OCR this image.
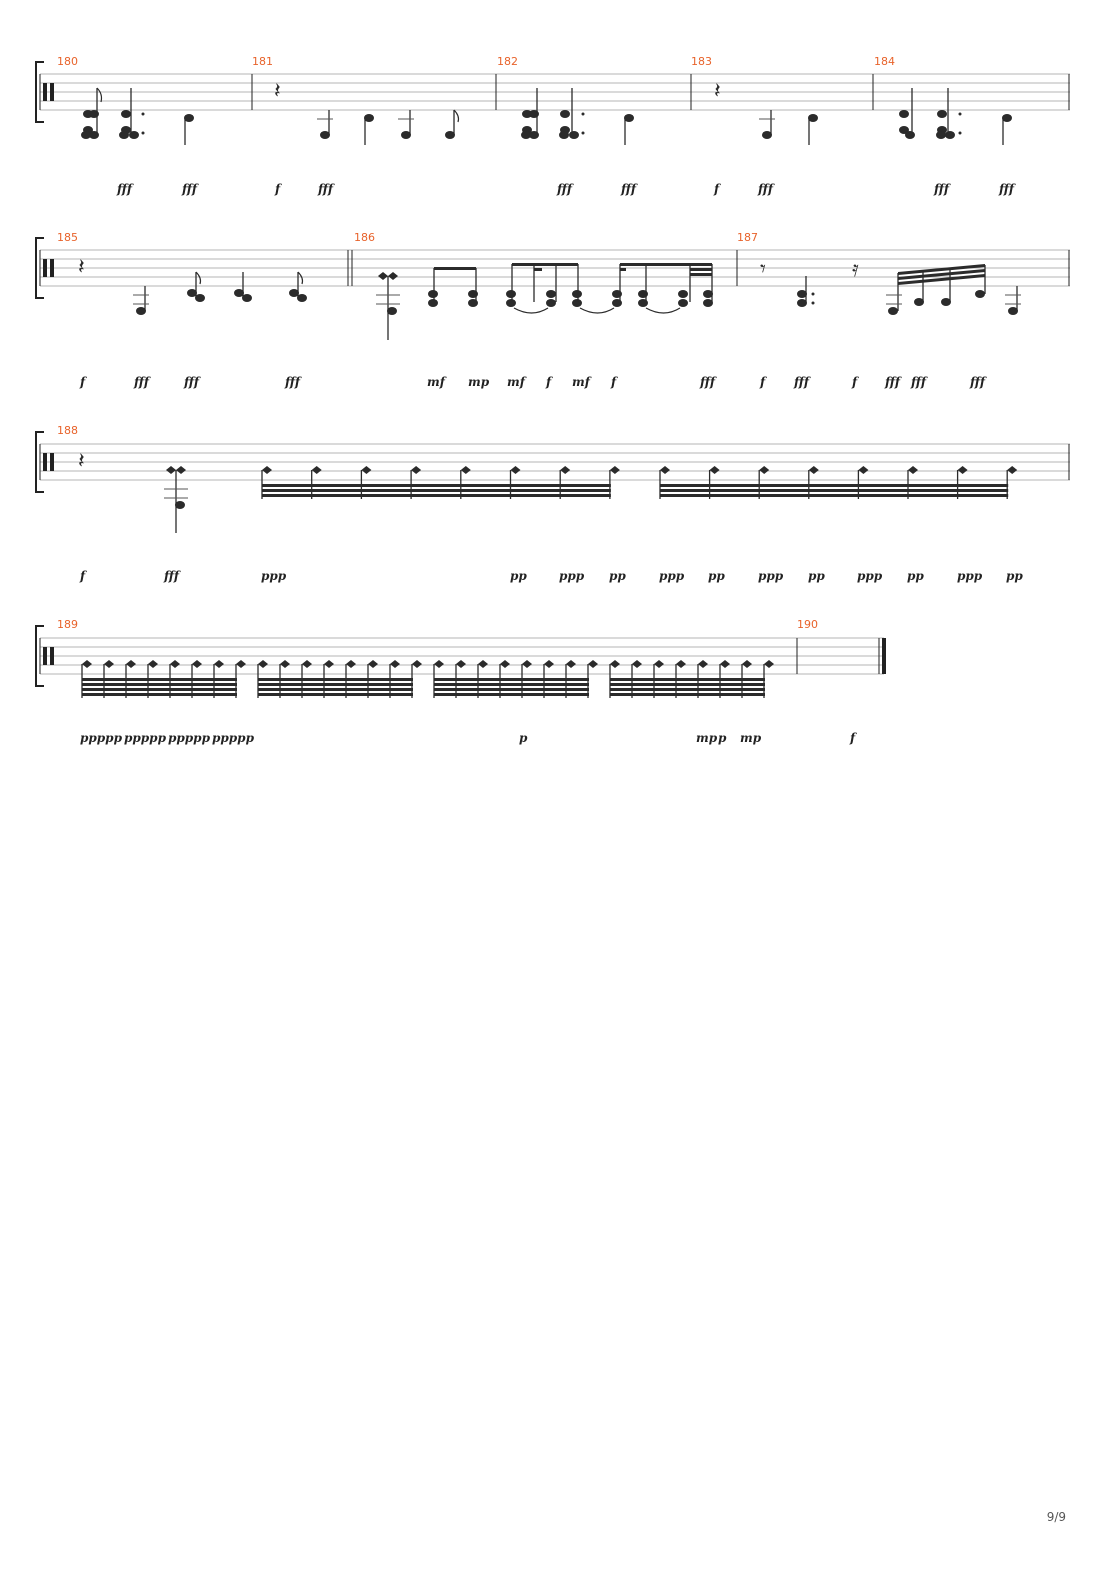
180	181	182	183	184
𝄽	𝄽
fff	fff	f	fff	fff	fff	f	fff	fff	fff
185	186	187
𝄽	𝄾	𝄿
f	fff	fff	fff	mf mp mf f mf f	fff	f fff	f fff fff	fff
188
𝄽
f	fff	ppp	pp	ppp pp	ppp pp	ppp pp	ppp pp	ppp pp
189	190
ppppp ppppp ppppp ppppp	p	mp p mp	f
9/9
